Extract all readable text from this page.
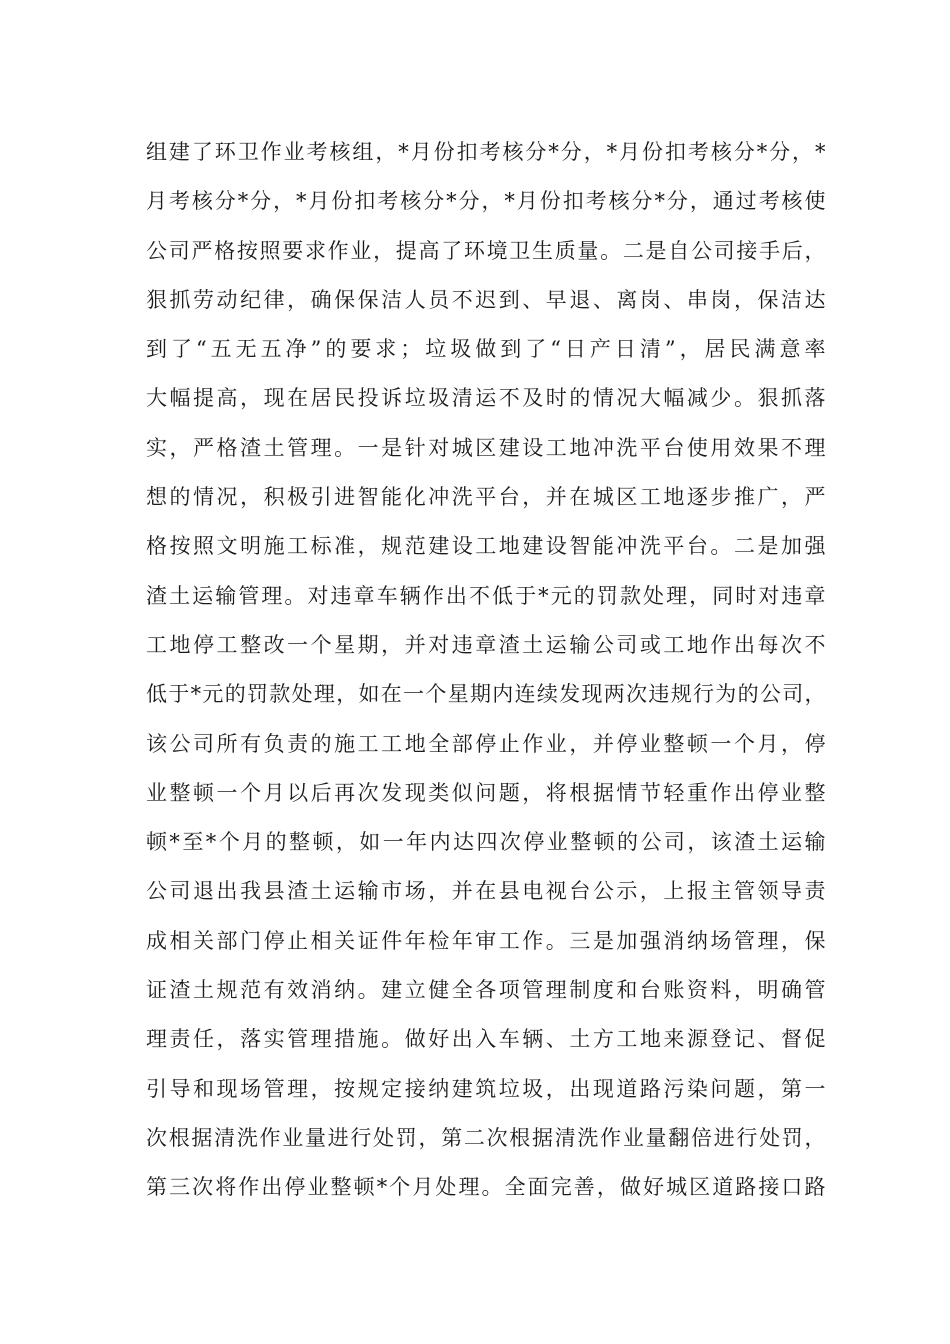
组建了环卫作业考核组，*月份扣考核分*分，*月份扣考核分*分，*
月考核分*分，*月份扣考核分*分，*月份扣考核分*分，通过考核使
公司严格按照要求作业，提高了环境卫生质量。二是自公司接手后，
狠抓劳动纪律，确保保洁人员不迟到、早退、离岗、串岗，保洁达
到了“五无五净”的要求；垃圾做到了“日产日清”，居民满意率
大幅提高，现在居民投诉垃圾清运不及时的情况大幅减少。狠抓落
实，严格渣土管理。一是针对城区建设工地冲洗平台使用效果不理
想的情况，积极引进智能化冲洗平台，并在城区工地逐步推广，严
格按照文明施工标准，规范建设工地建设智能冲洗平台。二是加强
渣土运输管理。对违章车辆作出不低于*元的罚款处理，同时对违章
工地停工整改一个星期，并对违章渣土运输公司或工地作出每次不
低于*元的罚款处理，如在一个星期内连续发现两次违规行为的公司，
该公司所有负责的施工工地全部停止作业，并停业整顿一个月，停
业整顿一个月以后再次发现类似问题，将根据情节轻重作出停业整
顿*至*个月的整顿，如一年内达四次停业整顿的公司，该渣土运输
公司退出我县渣土运输市场，并在县电视台公示，上报主管领导责
成相关部门停止相关证件年检年审工作。三是加强消纳场管理，保
证渣土规范有效消纳。建立健全各项管理制度和台账资料，明确管
理责任，落实管理措施。做好出入车辆、土方工地来源登记、督促
引导和现场管理，按规定接纳建筑垃圾，出现道路污染问题，第一
次根据清洗作业量进行处罚，第二次根据清洗作业量翻倍进行处罚，
第三次将作出停业整顿*个月处理。全面完善，做好城区道路接口路
